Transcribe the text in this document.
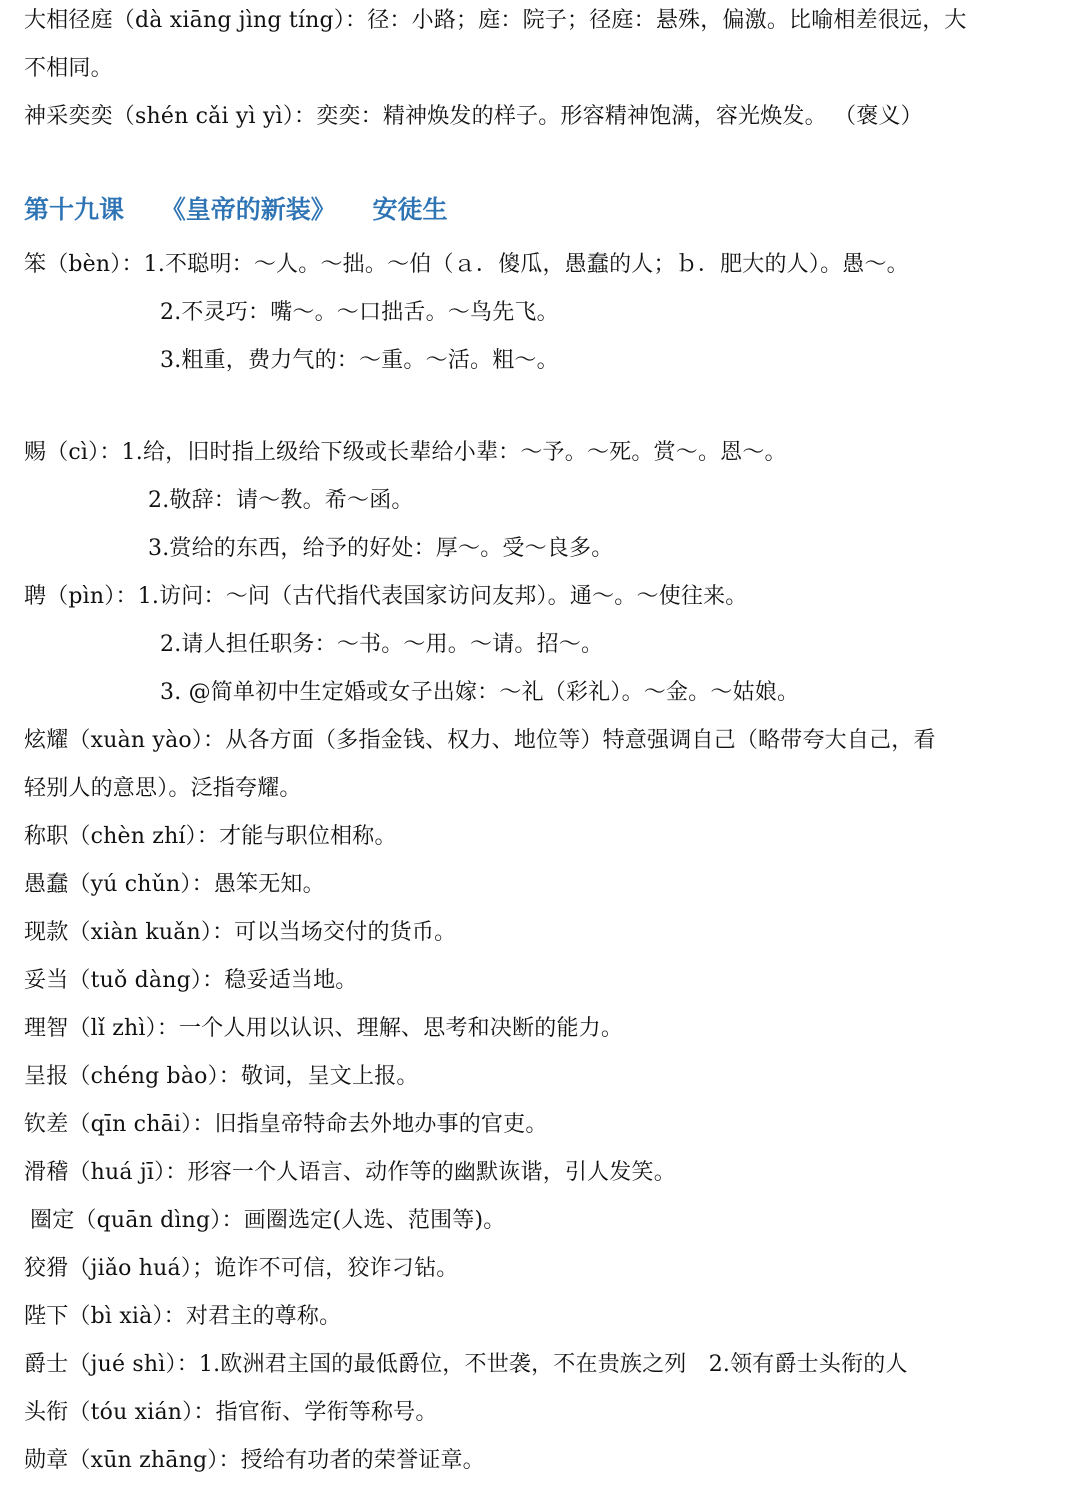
大相径庭（dà xiāng jìng tíng）：径：小路；庭：院子；径庭：悬殊，偏激。比喻相差很远，大
不相同。
神采奕奕（shén cǎi yì yì）：奕奕：精神焕发的样子。形容精神饱满，容光焕发。 （褒义）
第十九课 《皇帝的新装》 安徒生
笨（bèn）：1.不聪明：～人。～拙。～伯（ａ．傻瓜，愚蠢的人；ｂ．肥大的人）。愚～。
2.不灵巧：嘴～。～口拙舌。～鸟先飞。
3.粗重，费力气的：～重。～活。粗～。
赐（cì）：1.给，旧时指上级给下级或长辈给小辈：～予。～死。赏～。恩～。
2.敬辞：请～教。希～函。
3.赏给的东西，给予的好处：厚～。受～良多。
聘（pìn）：1.访问：～问（古代指代表国家访问友邦）。通～。～使往来。
2.请人担任职务：～书。～用。～请。招～。
3. @简单初中生定婚或女子出嫁：～礼（彩礼）。～金。～姑娘。
炫耀（xuàn yào）：从各方面（多指金钱、权力、地位等）特意强调自己（略带夸大自己，看
轻别人的意思）。泛指夸耀。
称职（chèn zhí）：才能与职位相称。
愚蠢（yú chǔn）：愚笨无知。
现款（xiàn kuǎn）：可以当场交付的货币。
妥当（tuǒ dàng）：稳妥适当地。
理智（lǐ zhì）：一个人用以认识、理解、思考和决断的能力。
呈报（chéng bào）：敬词，呈文上报。
钦差（qīn chāi）：旧指皇帝特命去外地办事的官吏。
滑稽（huá jī）：形容一个人语言、动作等的幽默诙谐，引人发笑。
圈定（quān dìng）：画圈选定(人选、范围等)。
狡猾（jiǎo huá）；诡诈不可信，狡诈刁钻。
陛下（bì xià）：对君主的尊称。
爵士（jué shì）：1.欧洲君主国的最低爵位，不世袭，不在贵族之列　2.领有爵士头衔的人
头衔（tóu xián）：指官衔、学衔等称号。
勋章（xūn zhāng）：授给有功者的荣誉证章。
